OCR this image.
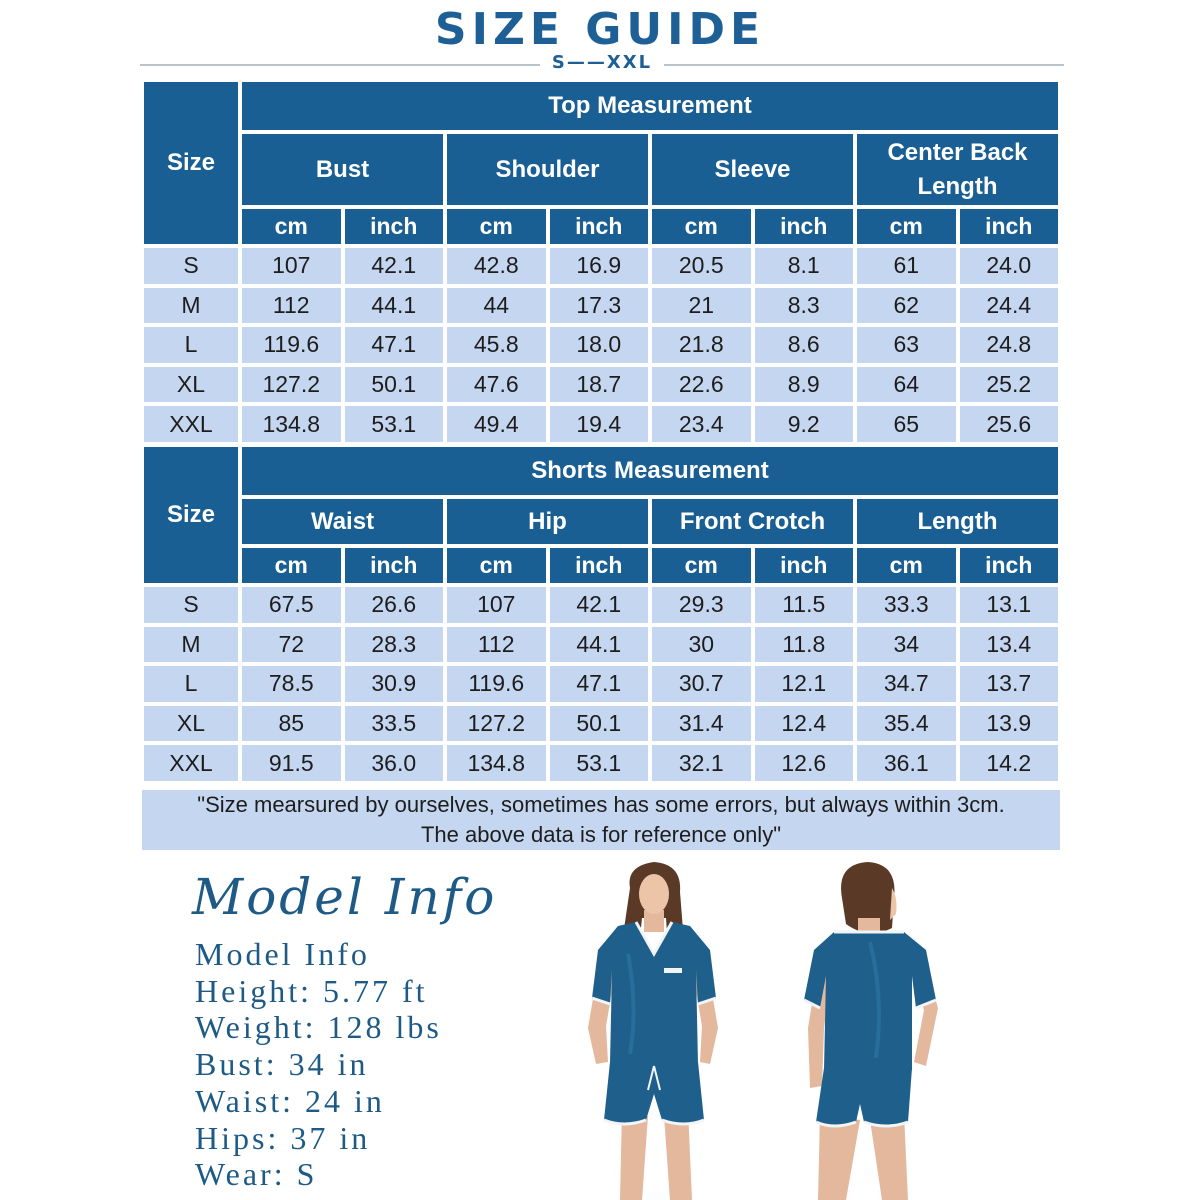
SIZE GUIDE
S——XXL
Size	Top Measurement							
	Bust		Shoulder		Sleeve		Center Back Length	
	cm	inch	cm	inch	cm	inch	cm	inch
S	107	42.1	42.8	16.9	20.5	8.1	61	24.0
M	112	44.1	44	17.3	21	8.3	62	24.4
L	119.6	47.1	45.8	18.0	21.8	8.6	63	24.8
XL	127.2	50.1	47.6	18.7	22.6	8.9	64	25.2
XXL	134.8	53.1	49.4	19.4	23.4	9.2	65	25.6
Size	Shorts Measurement							
	Waist		Hip		Front Crotch		Length	
	cm	inch	cm	inch	cm	inch	cm	inch
S	67.5	26.6	107	42.1	29.3	11.5	33.3	13.1
M	72	28.3	112	44.1	30	11.8	34	13.4
L	78.5	30.9	119.6	47.1	30.7	12.1	34.7	13.7
XL	85	33.5	127.2	50.1	31.4	12.4	35.4	13.9
XXL	91.5	36.0	134.8	53.1	32.1	12.6	36.1	14.2
"Size mearsured by ourselves, sometimes has some errors, but always within 3cm.
The above data is for reference only"
Model Info
Model Info
Height: 5.77 ft
Weight: 128 lbs
Bust: 34 in
Waist: 24 in
Hips: 37 in
Wear: S
